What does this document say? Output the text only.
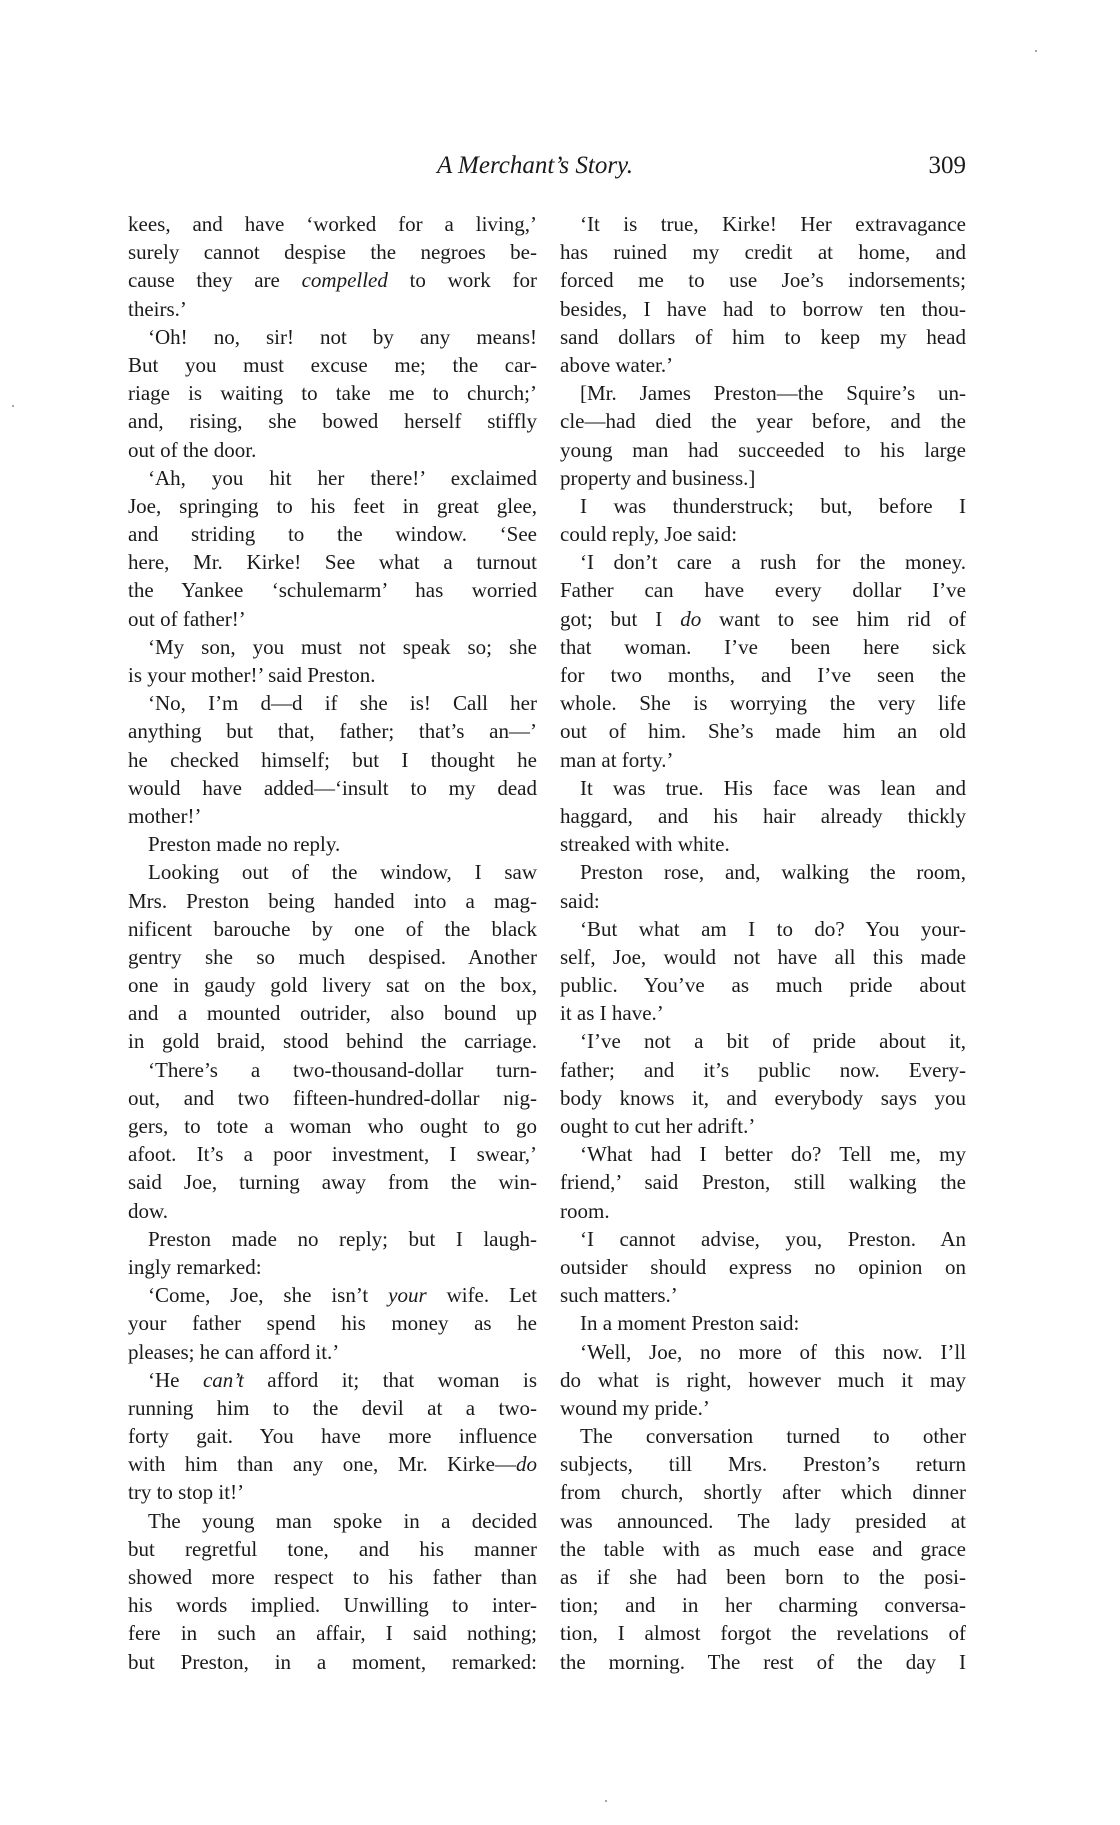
A Merchant’s Story.	309
kees, and have ‘worked for a living,’
surely cannot despise the negroes be-
cause they are compelled to work for
theirs.’
‘Oh! no, sir! not by any means!
But you must excuse me; the car-
riage is waiting to take me to church;’
and, rising, she bowed herself stiffly
out of the door.
‘Ah, you hit her there!’ exclaimed
Joe, springing to his feet in great glee,
and striding to the window. ‘See
here, Mr. Kirke! See what a turnout
the Yankee ‘schulemarm’ has worried
out of father!’
‘My son, you must not speak so; she
is your mother!’ said Preston.
‘No, I’m d—d if she is! Call her
anything but that, father; that’s an—’
he checked himself; but I thought he
would have added—‘insult to my dead
mother!’
Preston made no reply.
Looking out of the window, I saw
Mrs. Preston being handed into a mag-
nificent barouche by one of the black
gentry she so much despised. Another
one in gaudy gold livery sat on the box,
and a mounted outrider, also bound up
in gold braid, stood behind the carriage.
‘There’s a two-thousand-dollar turn-
out, and two fifteen-hundred-dollar nig-
gers, to tote a woman who ought to go
afoot. It’s a poor investment, I swear,’
said Joe, turning away from the win-
dow.
Preston made no reply; but I laugh-
ingly remarked:
‘Come, Joe, she isn’t your wife. Let
your father spend his money as he
pleases; he can afford it.’
‘He can’t afford it; that woman is
running him to the devil at a two-
forty gait. You have more influence
with him than any one, Mr. Kirke—do
try to stop it!’
The young man spoke in a decided
but regretful tone, and his manner
showed more respect to his father than
his words implied. Unwilling to inter-
fere in such an affair, I said nothing;
but Preston, in a moment, remarked:
‘It is true, Kirke! Her extravagance
has ruined my credit at home, and
forced me to use Joe’s indorsements;
besides, I have had to borrow ten thou-
sand dollars of him to keep my head
above water.’
[Mr. James Preston—the Squire’s un-
cle—had died the year before, and the
young man had succeeded to his large
property and business.]
I was thunderstruck; but, before I
could reply, Joe said:
‘I don’t care a rush for the money.
Father can have every dollar I’ve
got; but I do want to see him rid of
that woman. I’ve been here sick
for two months, and I’ve seen the
whole. She is worrying the very life
out of him. She’s made him an old
man at forty.’
It was true. His face was lean and
haggard, and his hair already thickly
streaked with white.
Preston rose, and, walking the room,
said:
‘But what am I to do? You your-
self, Joe, would not have all this made
public. You’ve as much pride about
it as I have.’
‘I’ve not a bit of pride about it,
father; and it’s public now. Every-
body knows it, and everybody says you
ought to cut her adrift.’
‘What had I better do? Tell me, my
friend,’ said Preston, still walking the
room.
‘I cannot advise, you, Preston. An
outsider should express no opinion on
such matters.’
In a moment Preston said:
‘Well, Joe, no more of this now. I’ll
do what is right, however much it may
wound my pride.’
The conversation turned to other
subjects, till Mrs. Preston’s return
from church, shortly after which dinner
was announced. The lady presided at
the table with as much ease and grace
as if she had been born to the posi-
tion; and in her charming conversa-
tion, I almost forgot the revelations of
the morning. The rest of the day I
